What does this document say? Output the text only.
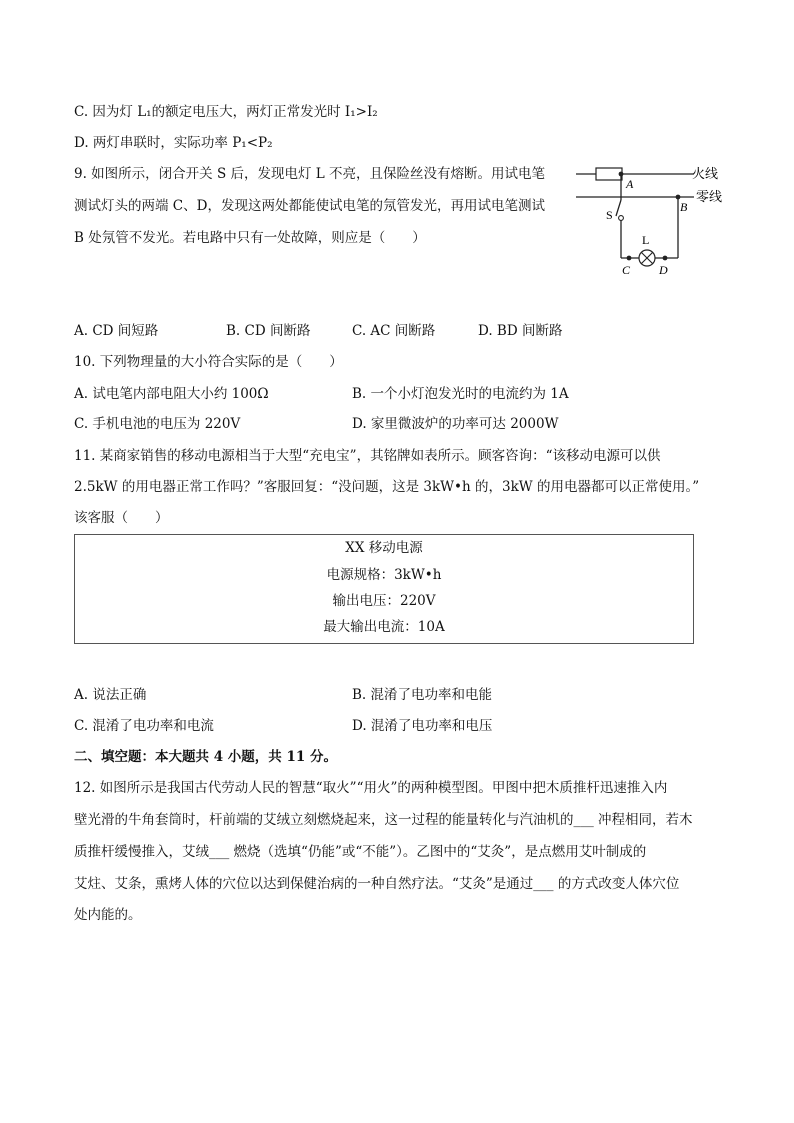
C. 因为灯 L₁的额定电压大，两灯正常发光时 I₁>I₂
D. 两灯串联时，实际功率 P₁<P₂
9. 如图所示，闭合开关 S 后，发现电灯 L 不亮，且保险丝没有熔断。用试电笔
测试灯头的两端 C、D，发现这两处都能使试电笔的氖管发光，再用试电笔测试
B 处氖管不发光。若电路中只有一处故障，则应是（　　）
火线
零线
A
S
L
B
C D
A. CD 间短路	B. CD 间断路	C. AC 间断路	D. BD 间断路
10. 下列物理量的大小符合实际的是（　　）
A. 试电笔内部电阻大小约 100Ω	B. 一个小灯泡发光时的电流约为 1A
C. 手机电池的电压为 220V	D. 家里微波炉的功率可达 2000W
11. 某商家销售的移动电源相当于大型“充电宝”，其铭牌如表所示。顾客咨询：“该移动电源可以供
2.5kW 的用电器正常工作吗？”客服回复：“没问题，这是 3kW•h 的，3kW 的用电器都可以正常使用。”
该客服（　　）
XX 移动电源
电源规格：3kW•h
输出电压：220V
最大输出电流：10A
A. 说法正确	B. 混淆了电功率和电能
C. 混淆了电功率和电流	D. 混淆了电功率和电压
二、填空题：本大题共 4 小题，共 11 分。
12. 如图所示是我国古代劳动人民的智慧“取火”“用火”的两种模型图。甲图中把木质推杆迅速推入内
壁光滑的牛角套筒时，杆前端的艾绒立刻燃烧起来，这一过程的能量转化与汽油机的___ 冲程相同，若木
质推杆缓慢推入，艾绒___ 燃烧（选填“仍能”或“不能”）。乙图中的“艾灸”，是点燃用艾叶制成的
艾炷、艾条，熏烤人体的穴位以达到保健治病的一种自然疗法。“艾灸”是通过___ 的方式改变人体穴位
处内能的。
